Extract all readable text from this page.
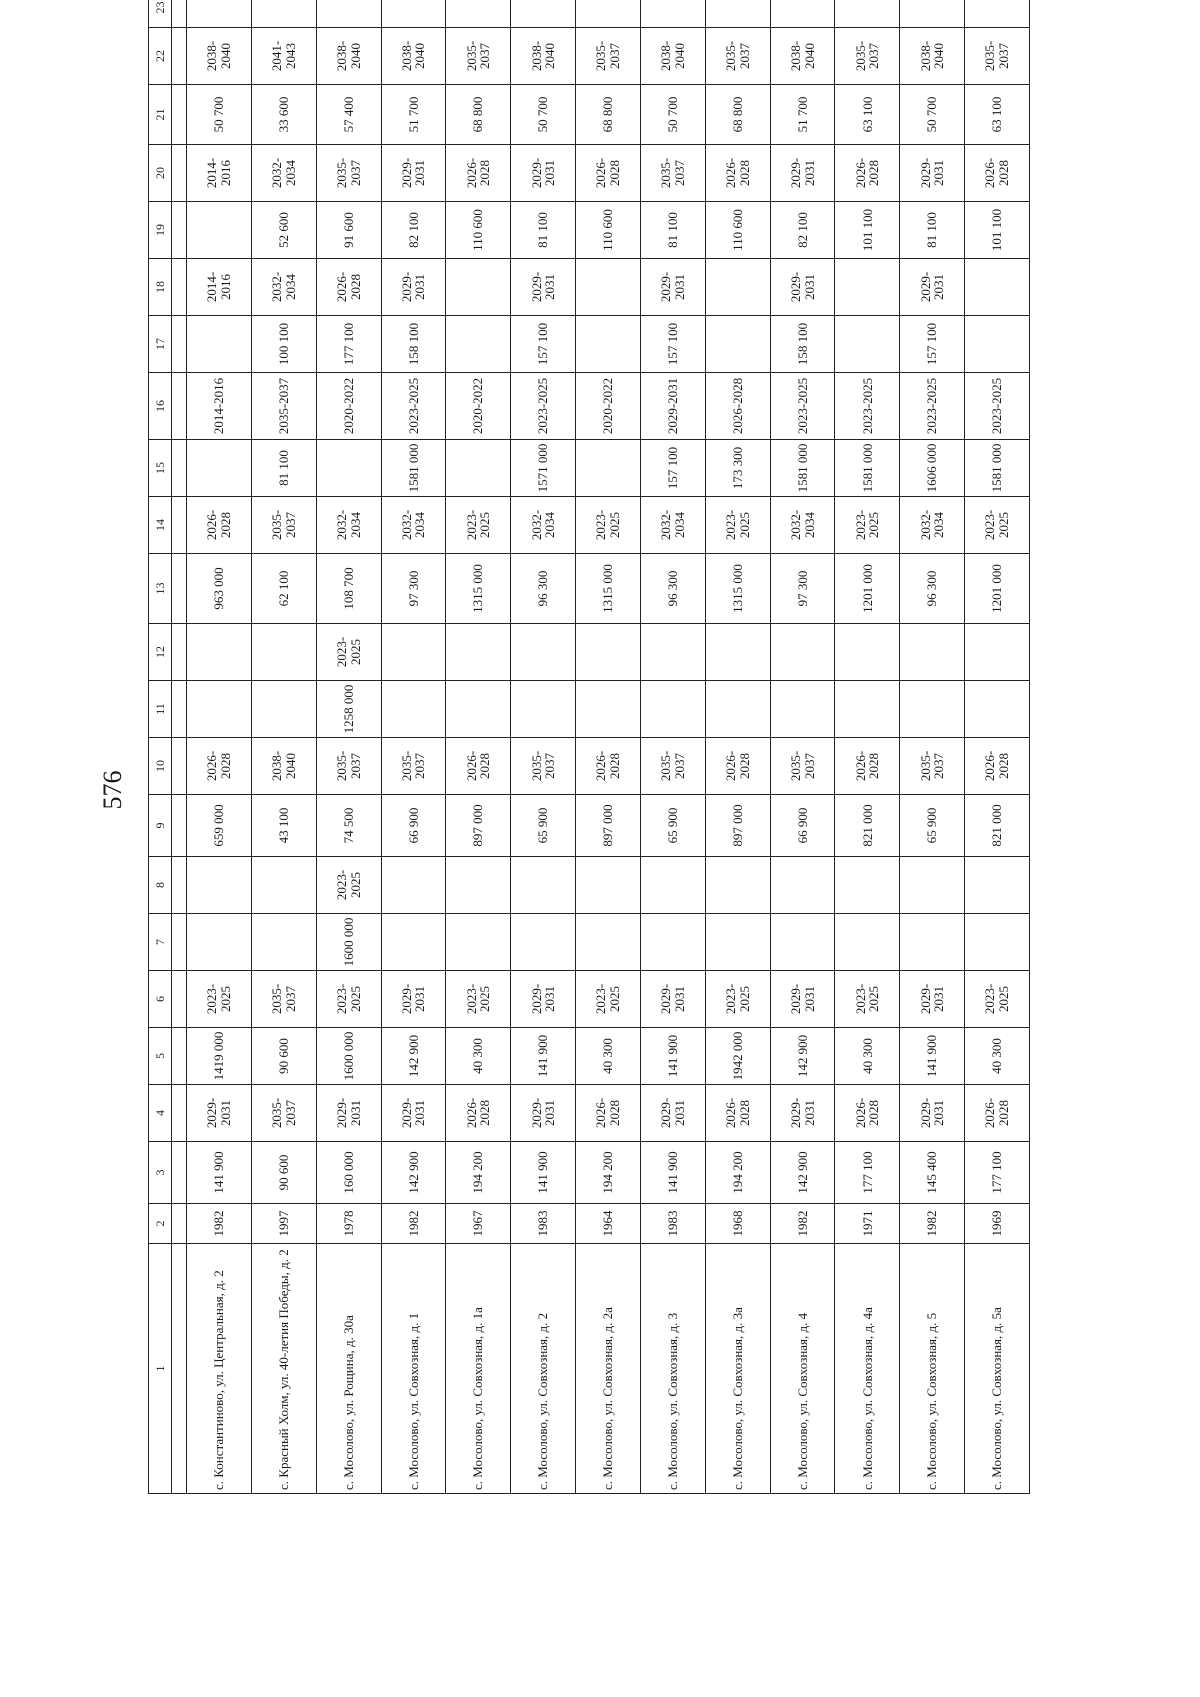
576
1	2	3	4	5	6	7	8	9	10	11	12	13	14	15	16	17	18	19	20	21	22	23	

с. Константиново, ул. Центральная, д. 2	1982	141 900	2029-2031	1419 000	2023-2025			659 000	2026-2028			963 000	2026-2028		2014-2016		2014-2016		2014-2016	50 700	2038-2040		
с. Красный Холм, ул. 40-летия Победы, д. 2	1997	90 600	2035-2037	90 600	2035-2037			43 100	2038-2040			62 100	2035-2037	81 100	2035-2037	100 100	2032-2034	52 600	2032-2034	33 600	2041-2043		
с. Мосолово, ул. Рощина, д. 30а	1978	160 000	2029-2031	1600 000	2023-2025	1600 000	2023-2025	74 500	2035-2037	1258 000	2023-2025	108 700	2032-2034		2020-2022	177 100	2026-2028	91 600	2035-2037	57 400	2038-2040		
с. Мосолово, ул. Совхозная, д. 1	1982	142 900	2029-2031	142 900	2029-2031			66 900	2035-2037			97 300	2032-2034	1581 000	2023-2025	158 100	2029-2031	82 100	2029-2031	51 700	2038-2040		
с. Мосолово, ул. Совхозная, д. 1а	1967	194 200	2026-2028	40 300	2023-2025			897 000	2026-2028			1315 000	2023-2025		2020-2022			110 600	2026-2028	68 800	2035-2037		
с. Мосолово, ул. Совхозная, д. 2	1983	141 900	2029-2031	141 900	2029-2031			65 900	2035-2037			96 300	2032-2034	1571 000	2023-2025	157 100	2029-2031	81 100	2029-2031	50 700	2038-2040		
с. Мосолово, ул. Совхозная, д. 2а	1964	194 200	2026-2028	40 300	2023-2025			897 000	2026-2028			1315 000	2023-2025		2020-2022			110 600	2026-2028	68 800	2035-2037		
с. Мосолово, ул. Совхозная, д. 3	1983	141 900	2029-2031	141 900	2029-2031			65 900	2035-2037			96 300	2032-2034	157 100	2029-2031	157 100	2029-2031	81 100	2035-2037	50 700	2038-2040		
с. Мосолово, ул. Совхозная, д. 3а	1968	194 200	2026-2028	1942 000	2023-2025			897 000	2026-2028			1315 000	2023-2025	173 300	2026-2028			110 600	2026-2028	68 800	2035-2037		
с. Мосолово, ул. Совхозная, д. 4	1982	142 900	2029-2031	142 900	2029-2031			66 900	2035-2037			97 300	2032-2034	1581 000	2023-2025	158 100	2029-2031	82 100	2029-2031	51 700	2038-2040		
с. Мосолово, ул. Совхозная, д. 4а	1971	177 100	2026-2028	40 300	2023-2025			821 000	2026-2028			1201 000	2023-2025	1581 000	2023-2025			101 100	2026-2028	63 100	2035-2037		
с. Мосолово, ул. Совхозная, д. 5	1982	145 400	2029-2031	141 900	2029-2031			65 900	2035-2037			96 300	2032-2034	1606 000	2023-2025	157 100	2029-2031	81 100	2029-2031	50 700	2038-2040		
с. Мосолово, ул. Совхозная, д. 5а	1969	177 100	2026-2028	40 300	2023-2025			821 000	2026-2028			1201 000	2023-2025	1581 000	2023-2025			101 100	2026-2028	63 100	2035-2037		
